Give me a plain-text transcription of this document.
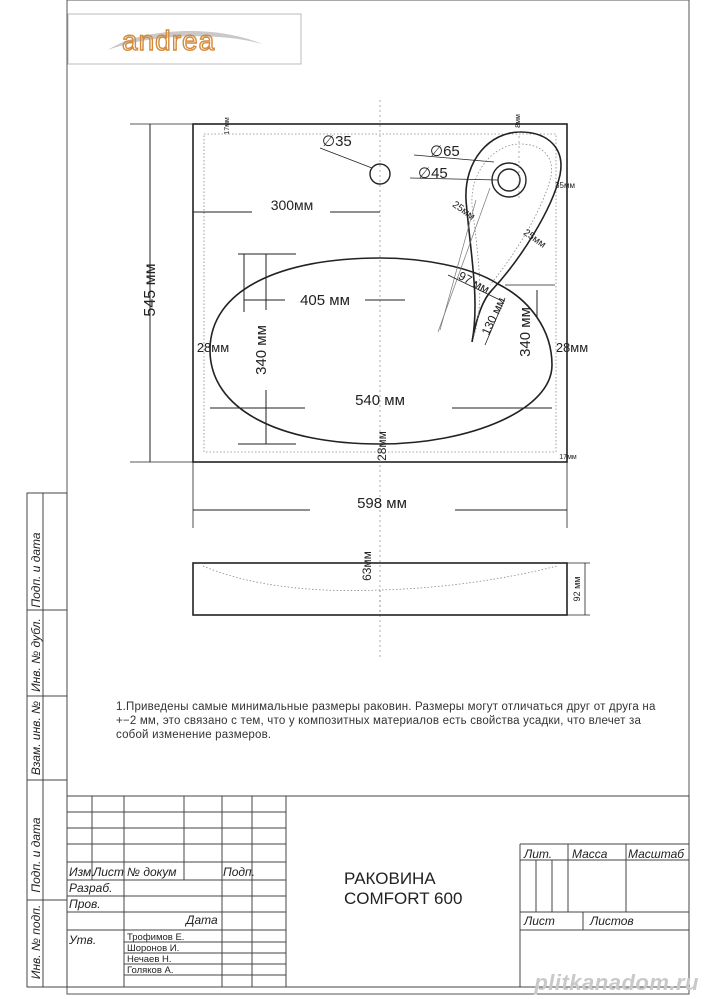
andrea
545 мм
598 мм
∅35
∅65
∅45
300мм
405 мм
540 мм
340 мм	340 мм
28мм	28мм
28мм
17мм	8мм
17мм
35мм
25мм
25мм
97 мм
130 мм
63мм
92 мм
Подп. и дата
Инв. № дубл.
Взам. инв. №
Подп. и дата
Инв. № подп.
Изм.
Лист № докум	Подп.
Разраб.
Пров.
Утв.
Дата
Трофимов Е.
Шоронов И.
Нечаев Н.
Голяков А.
РАКОВИНА
COMFORT 600
Лит. Масса Масштаб
Лист	Листов
1.Приведены самые минимальные размеры раковин. Размеры могут отличаться друг от друга на +−2 мм, это связано с тем, что у композитных материалов есть свойства усадки, что влечет за собой изменение размеров.
plitkanadom.ru
